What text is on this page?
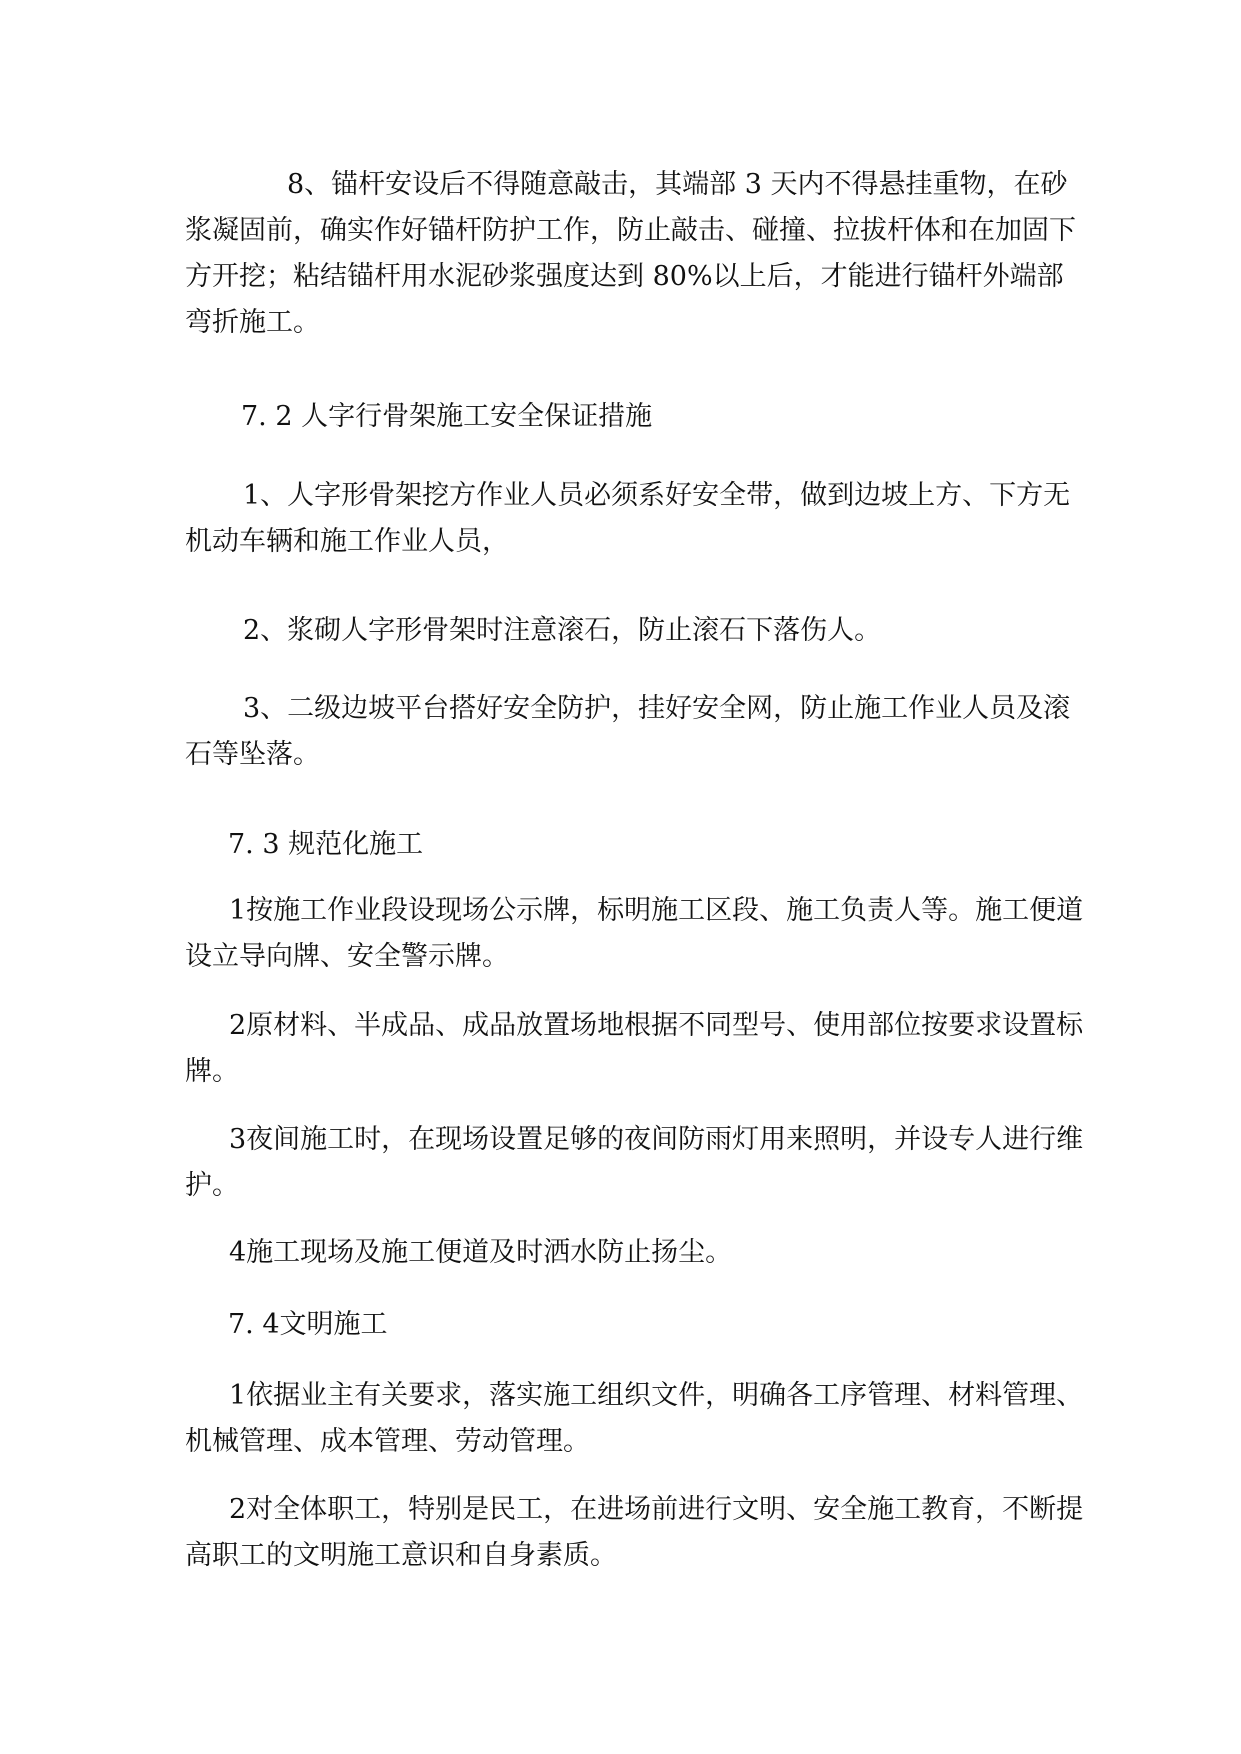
8、锚杆安设后不得随意敲击，其端部 3 天内不得悬挂重物，在砂浆凝固前，确实作好锚杆防护工作，防止敲击、碰撞、拉拔杆体和在加固下方开挖；粘结锚杆用水泥砂浆强度达到 80%以上后，才能进行锚杆外端部弯折施工。

7. 2 人字行骨架施工安全保证措施

1、人字形骨架挖方作业人员必须系好安全带，做到边坡上方、下方无机动车辆和施工作业人员，

2、浆砌人字形骨架时注意滚石，防止滚石下落伤人。

3、二级边坡平台搭好安全防护，挂好安全网，防止施工作业人员及滚石等坠落。

7. 3 规范化施工

1按施工作业段设现场公示牌，标明施工区段、施工负责人等。施工便道设立导向牌、安全警示牌。

2原材料、半成品、成品放置场地根据不同型号、使用部位按要求设置标牌。

3夜间施工时，在现场设置足够的夜间防雨灯用来照明，并设专人进行维护。

4施工现场及施工便道及时洒水防止扬尘。

7. 4文明施工

1依据业主有关要求，落实施工组织文件，明确各工序管理、材料管理、机械管理、成本管理、劳动管理。

2对全体职工，特别是民工，在进场前进行文明、安全施工教育，不断提高职工的文明施工意识和自身素质。
